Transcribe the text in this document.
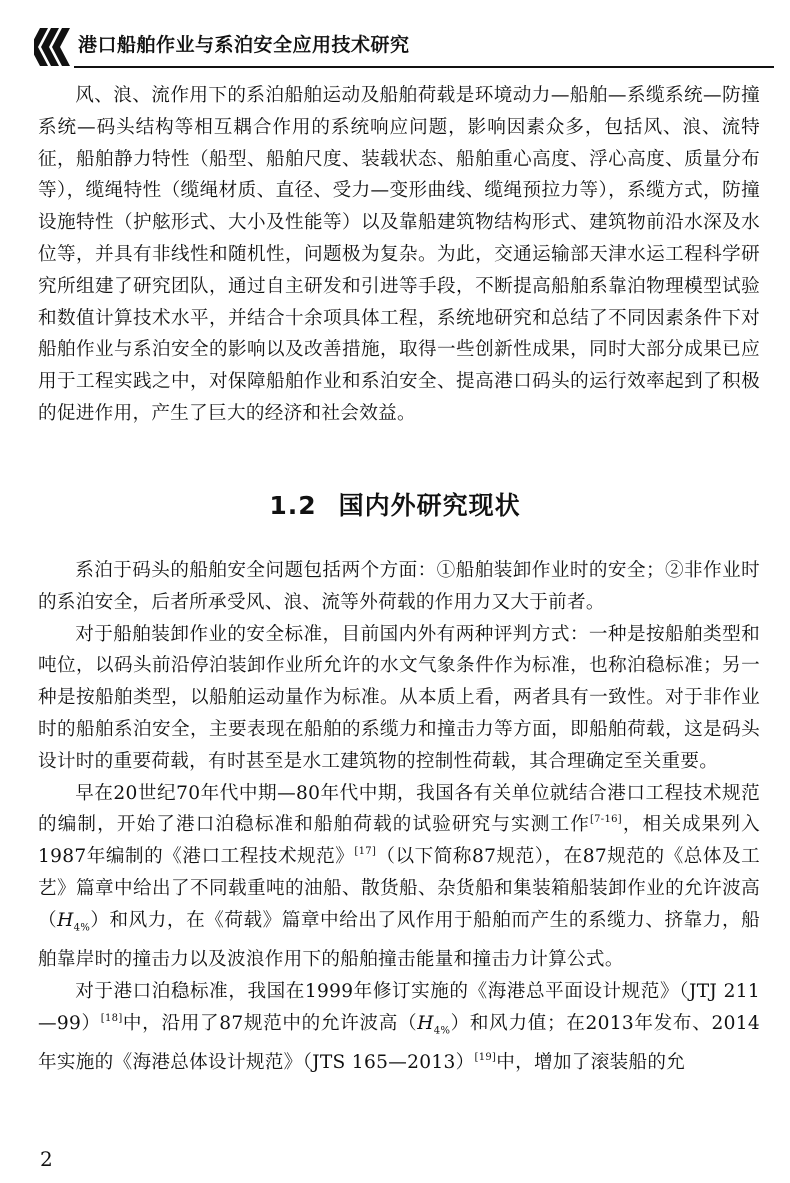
港口船舶作业与系泊安全应用技术研究
风、浪、流作用下的系泊船舶运动及船舶荷载是环境动力—船舶—系缆系统—防撞系统—码头结构等相互耦合作用的系统响应问题，影响因素众多，包括风、浪、流特征，船舶静力特性（船型、船舶尺度、装载状态、船舶重心高度、浮心高度、质量分布等），缆绳特性（缆绳材质、直径、受力—变形曲线、缆绳预拉力等），系缆方式，防撞设施特性（护舷形式、大小及性能等）以及靠船建筑物结构形式、建筑物前沿水深及水位等，并具有非线性和随机性，问题极为复杂。为此，交通运输部天津水运工程科学研究所组建了研究团队，通过自主研发和引进等手段，不断提高船舶系靠泊物理模型试验和数值计算技术水平，并结合十余项具体工程，系统地研究和总结了不同因素条件下对船舶作业与系泊安全的影响以及改善措施，取得一些创新性成果，同时大部分成果已应用于工程实践之中，对保障船舶作业和系泊安全、提高港口码头的运行效率起到了积极的促进作用，产生了巨大的经济和社会效益。
1.2 国内外研究现状

系泊于码头的船舶安全问题包括两个方面：①船舶装卸作业时的安全；②非作业时的系泊安全，后者所承受风、浪、流等外荷载的作用力又大于前者。

对于船舶装卸作业的安全标准，目前国内外有两种评判方式：一种是按船舶类型和吨位，以码头前沿停泊装卸作业所允许的水文气象条件作为标准，也称泊稳标准；另一种是按船舶类型，以船舶运动量作为标准。从本质上看，两者具有一致性。对于非作业时的船舶系泊安全，主要表现在船舶的系缆力和撞击力等方面，即船舶荷载，这是码头设计时的重要荷载，有时甚至是水工建筑物的控制性荷载，其合理确定至关重要。

早在20世纪70年代中期—80年代中期，我国各有关单位就结合港口工程技术规范的编制，开始了港口泊稳标准和船舶荷载的试验研究与实测工作[7-16]，相关成果列入1987年编制的《港口工程技术规范》[17]（以下简称87规范），在87规范的《总体及工艺》篇章中给出了不同载重吨的油船、散货船、杂货船和集装箱船装卸作业的允许波高$(H_{4\%})$和风力，在《荷载》篇章中给出了风作用于船舶而产生的系缆力、挤靠力，船舶靠岸时的撞击力以及波浪作用下的船舶撞击能量和撞击力计算公式。

对于港口泊稳标准，我国在1999年修订实施的《海港总平面设计规范》（JTJ 211—99）[18]中，沿用了87规范中的允许波高$(H_{4\%})$和风力值；在2013年发布、2014年实施的《海港总体设计规范》（JTS 165—2013）[19]中，增加了滚装船的允

2
